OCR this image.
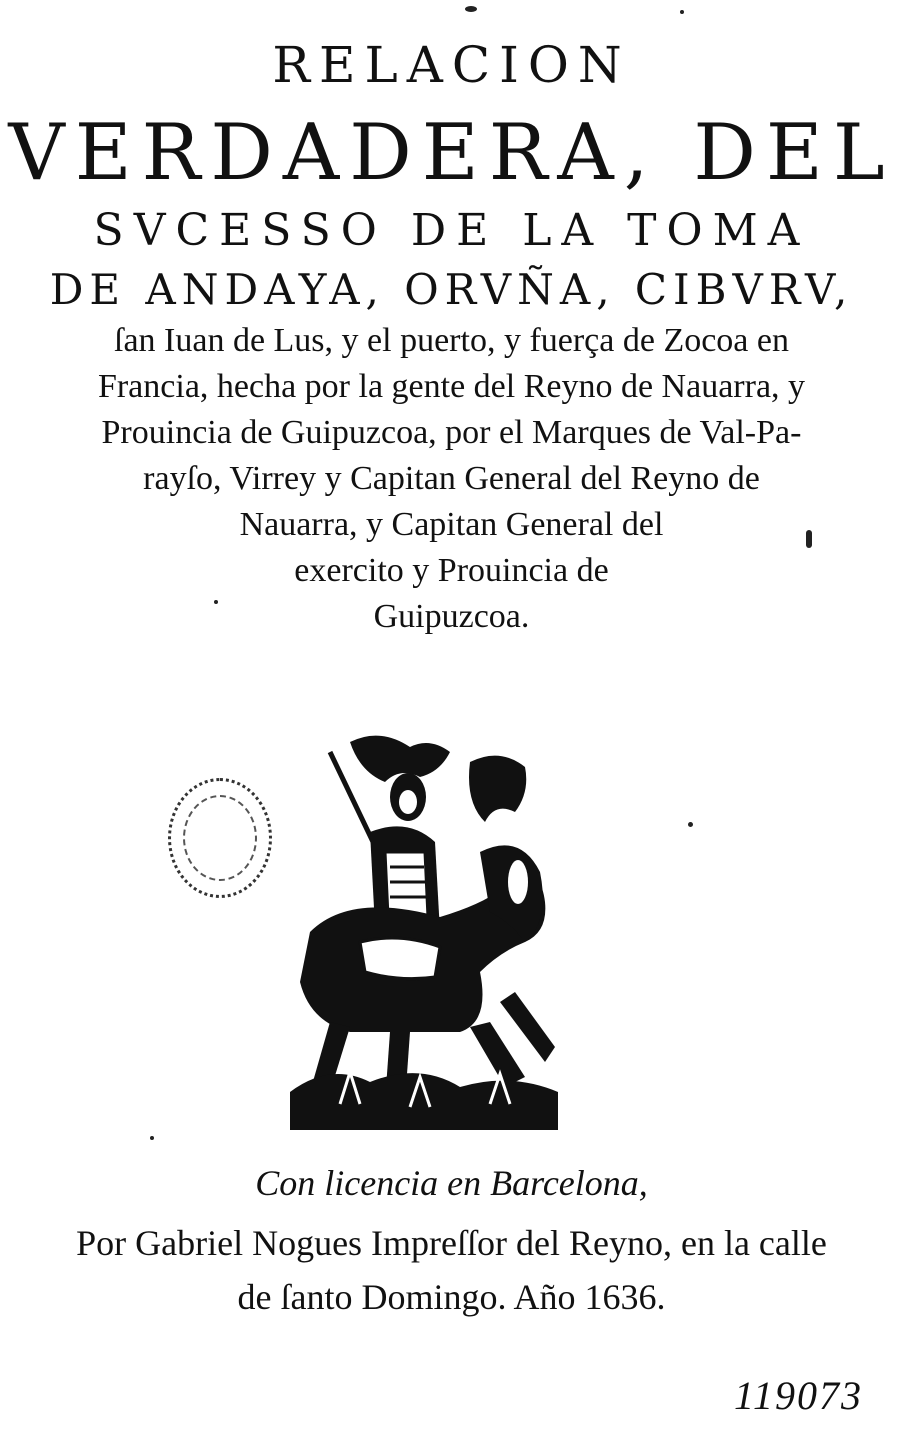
RELACION
VERDADERA, DEL
SVCESSO DE LA TOMA
DE ANDAYA, ORVÑA, CIBVRV,
ſan Iuan de Lus, y el puerto, y fuerça de Zocoa en
Francia, hecha por la gente del Reyno de Nauarra, y
Prouincia de Guipuzcoa, por el Marques de Val-Pa-
rayſo, Virrey y Capitan General del Reyno de
Nauarra, y Capitan General del
exercito y Prouincia de
Guipuzcoa.
Con licencia en Barcelona,
Por Gabriel Nogues Impreſſor del Reyno, en la calle
de ſanto Domingo. Año 1636.
119073
